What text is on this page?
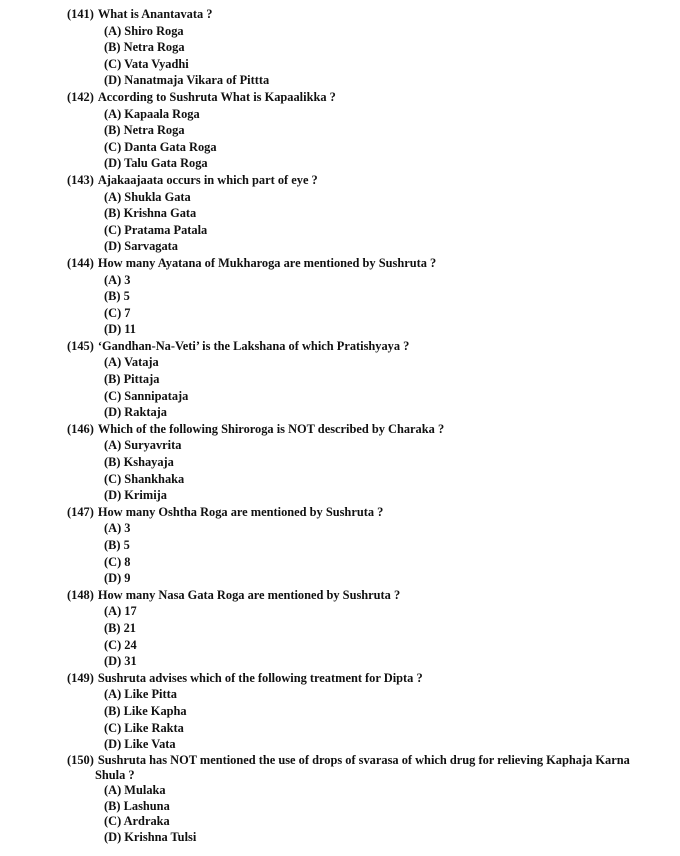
(141) What is Anantavata ?
(A) Shiro Roga
(B) Netra Roga
(C) Vata Vyadhi
(D) Nanatmaja Vikara of Pittta
(142) According to Sushruta What is Kapaalikka ?
(A) Kapaala Roga
(B) Netra Roga
(C) Danta Gata Roga
(D) Talu Gata Roga
(143) Ajakaajaata occurs in which part of eye ?
(A) Shukla Gata
(B) Krishna Gata
(C) Pratama Patala
(D) Sarvagata
(144) How many Ayatana of Mukharoga are mentioned by Sushruta ?
(A) 3
(B) 5
(C) 7
(D) 11
(145) ‘Gandhan-Na-Veti’ is the Lakshana of which Pratishyaya ?
(A) Vataja
(B) Pittaja
(C) Sannipataja
(D) Raktaja
(146) Which of the following Shiroroga is NOT described by Charaka ?
(A) Suryavrita
(B) Kshayaja
(C) Shankhaka
(D) Krimija
(147) How many Oshtha Roga are mentioned by Sushruta ?
(A) 3
(B) 5
(C) 8
(D) 9
(148) How many Nasa Gata Roga are mentioned by Sushruta ?
(A) 17
(B) 21
(C) 24
(D) 31
(149) Sushruta advises which of the following treatment for Dipta ?
(A) Like Pitta
(B) Like Kapha
(C) Like Rakta
(D) Like Vata
(150) Sushruta has NOT mentioned the use of drops of svarasa of which drug for relieving Kaphaja Karna Shula ?
(A) Mulaka
(B) Lashuna
(C) Ardraka
(D) Krishna Tulsi
